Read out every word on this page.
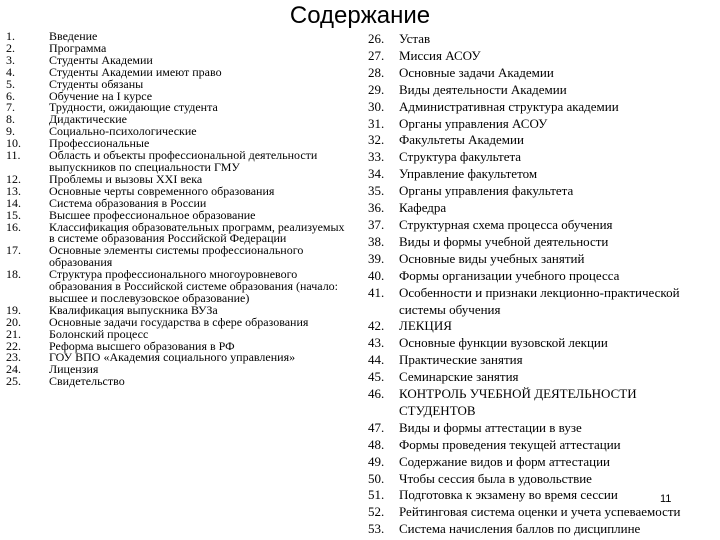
Содержание
1.	Введение
2.	Программа
3.	Студенты Академии
4.	Студенты Академии имеют право
5.	Студенты обязаны
6.	Обучение на I курсе
7.	Трудности, ожидающие студента
8.	Дидактические
9.	Социально-психологические
10.	Профессиональные
11.	Область и объекты профессиональной деятельности выпускников по специальности ГМУ
12.	Проблемы и вызовы XXI века
13.	Основные черты современного образования
14.	Система образования в России
15.	Высшее профессиональное образование
16.	Классификация образовательных программ, реализуемых в системе образования Российской Федерации
17.	Основные элементы системы профессионального образования
18.	Структура профессионального многоуровневого образования в Российской системе образования (начало: высшее и послевузовское образование)
19.	Квалификация выпускника ВУЗа
20.	Основные задачи государства в сфере образования
21.	Болонский процесс
22.	Реформа высшего образования в РФ
23.	ГОУ ВПО «Академия социального управления»
24.	Лицензия
25.	Свидетельство
26.	Устав
27.	Миссия АСОУ
28.	Основные задачи Академии
29.	Виды деятельности Академии
30.	Административная структура академии
31.	Органы управления АСОУ
32.	Факультеты Академии
33.	Структура факультета
34.	Управление факультетом
35.	Органы управления факультета
36.	Кафедра
37.	Структурная схема процесса обучения
38.	Виды и формы учебной деятельности
39.	Основные виды учебных занятий
40.	Формы организации учебного процесса
41.	Особенности и признаки лекционно-практической системы обучения
42.	ЛЕКЦИЯ
43.	Основные функции вузовской лекции
44.	Практические занятия
45.	Семинарские занятия
46.	КОНТРОЛЬ УЧЕБНОЙ ДЕЯТЕЛЬНОСТИ СТУДЕНТОВ
47.	Виды и формы аттестации в вузе
48.	Формы проведения текущей аттестации
49.	Содержание видов и форм аттестации
50.	Чтобы сессия была в удовольствие
51.	Подготовка к экзамену во время сессии
52.	Рейтинговая система оценки и учета успеваемости
53.	Система начисления баллов по дисциплине
11
